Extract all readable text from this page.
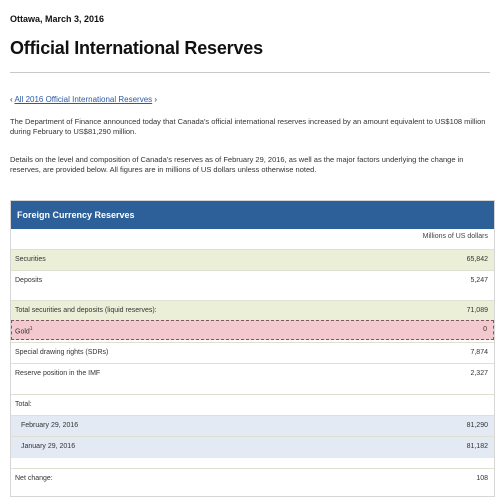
Ottawa, March 3, 2016
Official International Reserves
‹ All 2016 Official International Reserves ›
The Department of Finance announced today that Canada’s official international reserves increased by an amount equivalent to US$108 million during February to US$81,290 million.
Details on the level and composition of Canada’s reserves as of February 29, 2016, as well as the major factors underlying the change in reserves, are provided below. All figures are in millions of US dollars unless otherwise noted.
Foreign Currency Reserves
Millions of US dollars
Securities	65,842
Deposits	5,247
Total securities and deposits (liquid reserves):	71,089
Gold$^1$	0
Special drawing rights (SDRs)	7,874
Reserve position in the IMF	2,327
Total:
February 29, 2016	81,290
January 29, 2016	81,182
Net change:	108
